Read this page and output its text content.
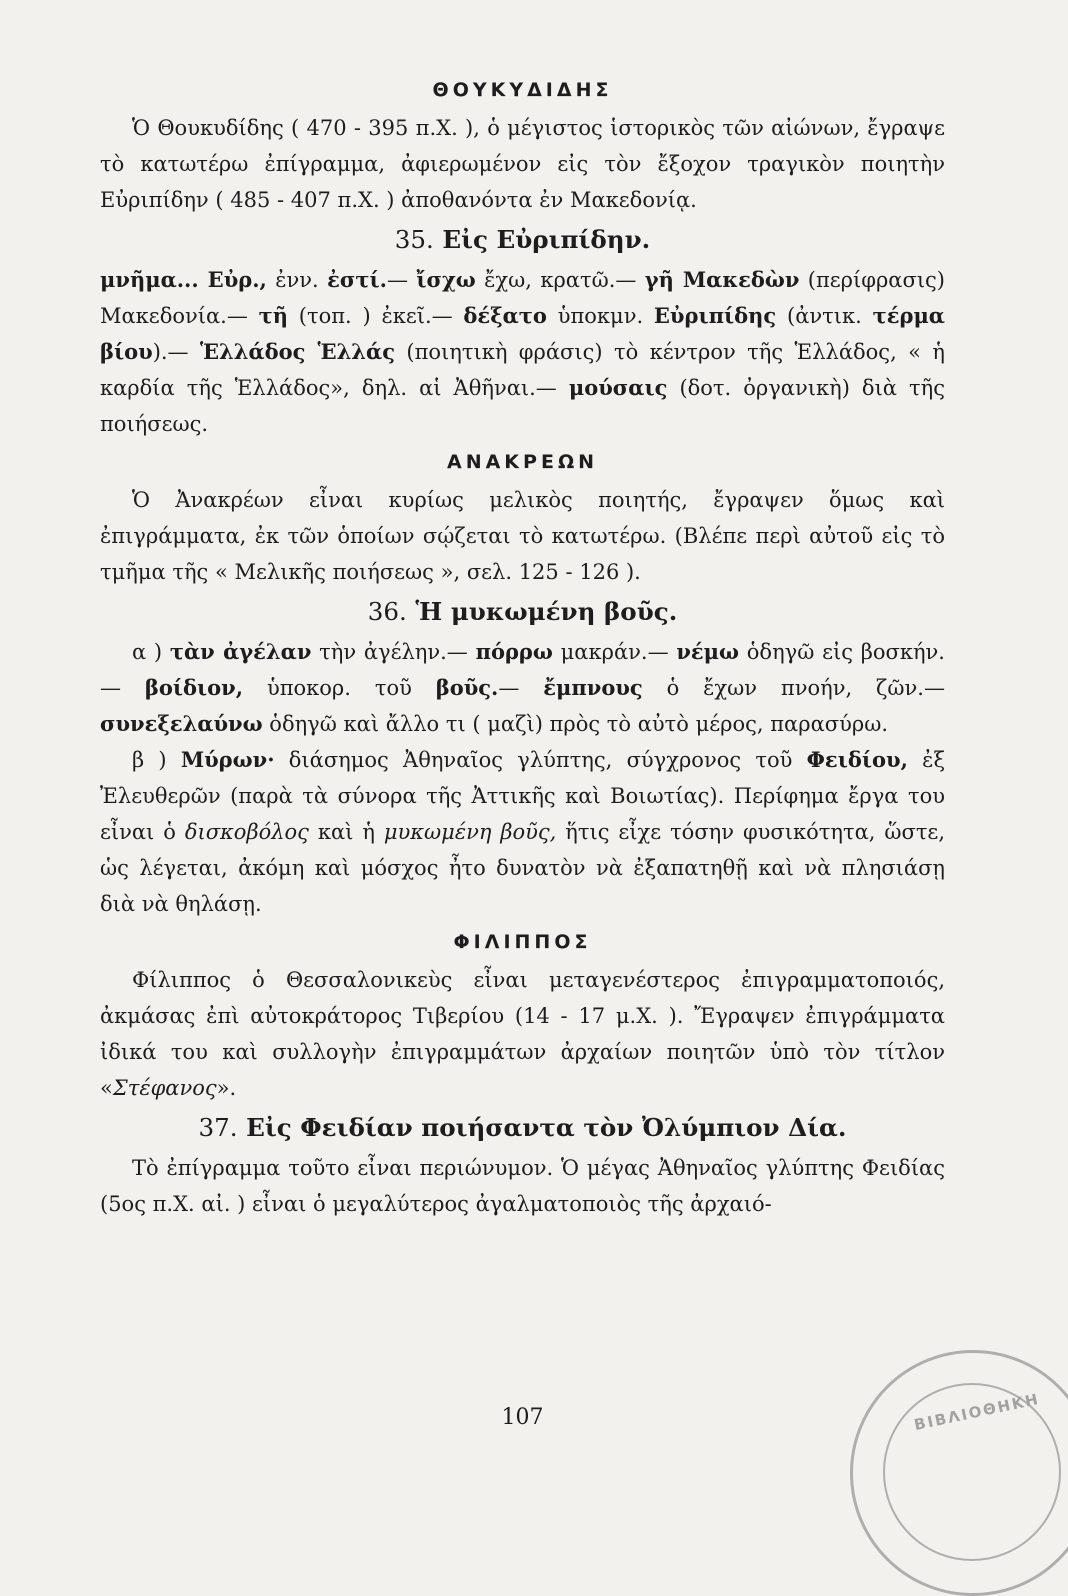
ΘΟΥΚΥΔΙΔΗΣ

Ὁ Θουκυδίδης ( 470 - 395 π.Χ. ), ὁ μέγιστος ἱστορικὸς τῶν αἰώνων, ἔγραψε τὸ κατωτέρω ἐπίγραμμα, ἀφιερωμένον εἰς τὸν ἔξοχον τραγικὸν ποιητὴν Εὐριπίδην ( 485 - 407 π.Χ. ) ἀποθανόντα ἐν Μακεδονίᾳ.

35. Εἰς Εὐριπίδην.

μνῆμα... Εὐρ., ἐνν. ἐστί.— ἴσχω ἔχω, κρατῶ.— γῆ Μακεδὼν (περίφρασις) Μακεδονία.— τῆ (τοπ. ) ἐκεῖ.— δέξατο ὑποκμν. Εὐριπίδης (ἀντικ. τέρμα βίου).— Ἑλλάδος Ἑλλάς (ποιητικὴ φράσις) τὸ κέντρον τῆς Ἑλλάδος, « ἡ καρδία τῆς Ἑλλάδος», δηλ. αἱ Ἀθῆναι.— μούσαις (δοτ. ὀργανικὴ) διὰ τῆς ποιήσεως.

ΑΝΑΚΡΕΩΝ

Ὁ Ἀνακρέων εἶναι κυρίως μελικὸς ποιητής, ἔγραψεν ὅμως καὶ ἐπιγράμματα, ἐκ τῶν ὁποίων σῴζεται τὸ κατωτέρω. (Βλέπε περὶ αὐτοῦ εἰς τὸ τμῆμα τῆς « Μελικῆς ποιήσεως », σελ. 125 - 126 ).

36. Ἡ μυκωμένη βοῦς.

α ) τὰν ἀγέλαν τὴν ἀγέλην.— πόρρω μακράν.— νέμω ὁδηγῶ εἰς βοσκήν.— βοίδιον, ὑποκορ. τοῦ βοῦς.— ἔμπνους ὁ ἔχων πνοήν, ζῶν.— συνεξελαύνω ὁδηγῶ καὶ ἄλλο τι ( μαζὶ) πρὸς τὸ αὐτὸ μέρος, παρασύρω.

β ) Μύρων· διάσημος Ἀθηναῖος γλύπτης, σύγχρονος τοῦ Φειδίου, ἐξ Ἐλευθερῶν (παρὰ τὰ σύνορα τῆς Ἀττικῆς καὶ Βοιωτίας). Περίφημα ἔργα του εἶναι ὁ δισκοβόλος καὶ ἡ μυκωμένη βοῦς, ἥτις εἶχε τόσην φυσικότητα, ὥστε, ὡς λέγεται, ἀκόμη καὶ μόσχος ἦτο δυνατὸν νὰ ἐξαπατηθῇ καὶ νὰ πλησιάσῃ διὰ νὰ θηλάσῃ.

ΦΙΛΙΠΠΟΣ

Φίλιππος ὁ Θεσσαλονικεὺς εἶναι μεταγενέστερος ἐπιγραμματοποιός, ἀκμάσας ἐπὶ αὐτοκράτορος Τιβερίου (14 - 17 μ.Χ. ). Ἔγραψεν ἐπιγράμματα ἰδικά του καὶ συλλογὴν ἐπιγραμμάτων ἀρχαίων ποιητῶν ὑπὸ τὸν τίτλον «Στέφανος».

37. Εἰς Φειδίαν ποιήσαντα τὸν Ὀλύμπιον Δία.

Τὸ ἐπίγραμμα τοῦτο εἶναι περιώνυμον. Ὁ μέγας Ἀθηναῖος γλύπτης Φειδίας (5ος π.Χ. αἰ. ) εἶναι ὁ μεγαλύτερος ἀγαλματοποιὸς τῆς ἀρχαιό-

107	ΒΙΒΛΙΟΘΗΚΗ
